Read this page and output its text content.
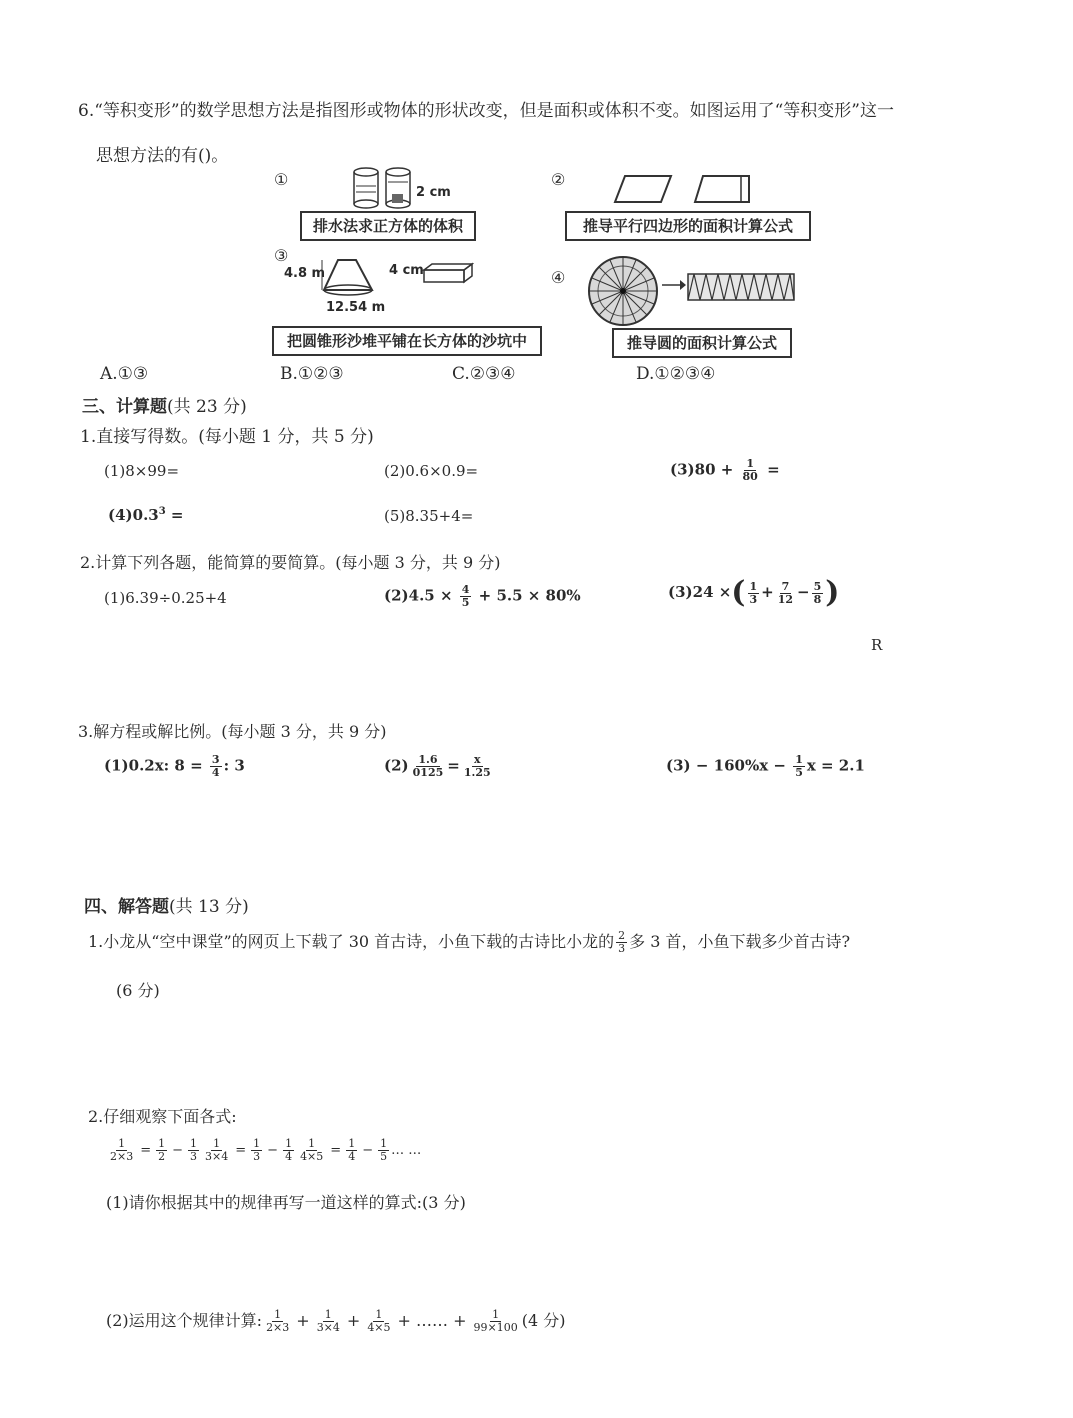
6.“等积变形”的数学思想方法是指图形或物体的形状改变，但是面积或体积不变。如图运用了“等积变形”这一
思想方法的有()。
①
2 cm
排水法求正方体的体积
②
推导平行四边形的面积计算公式
③
4.8 m
12.54 m
4 cm
把圆锥形沙堆平铺在长方体的沙坑中
④
推导圆的面积计算公式
A.①③	B.①②③	C.②③④	D.①②③④
三、计算题(共 23 分)
1.直接写得数。(每小题 1 分，共 5 分)
(1)8×99=	(2)0.6×0.9=	$(3)80 + \frac{1}{80}$ =
$(4)0.3^3$ =	(5)8.35+4=
2.计算下列各题，能简算的要简算。(每小题 3 分，共 9 分)
(1)6.39÷0.25+4	$(2)4.5 \times \frac{4}{5} + 5.5 \times 80\%$	(3)24 ×( $\frac{1}{3} + \frac{7}{12} - \frac{5}{8}$ )
R
3.解方程或解比例。(每小题 3 分，共 9 分)
(1)0.2x: $8 = \frac{3}{4}$ : 3	$(2) \frac{1.6}{0125} = \frac{x}{1.25}$	$(3) - 160\%x - \frac{1}{5}$ x = 2.1
四、解答题(共 13 分)
1.小龙从“空中课堂”的网页上下载了 30 首古诗，小鱼下载的古诗比小龙的 $\frac{2}{3}$ 多 3 首，小鱼下载多少首古诗?
(6 分)
2.仔细观察下面各式:
$\frac{1}{2\times 3} = \frac{1}{2} - \frac{1}{3} \frac{1}{3\times 4} = \frac{1}{3} - \frac{1}{4} \frac{1}{4\times 5} = \frac{1}{4} - \frac{1}{5}$ … …
(1)请你根据其中的规律再写一道这样的算式:(3 分)
(2)运用这个规律计算: $\frac{1}{2\times 3} + \frac{1}{3\times 4} + \frac{1}{4\times 5}$ + …… + $\frac{1}{99\times 100} (4$ 分)
